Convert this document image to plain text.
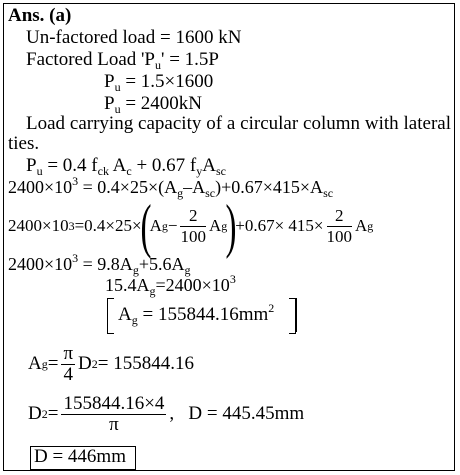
Ans. (a)
Un-factored load = 1600 kN
Factored Load '$P_u' = 1.5P$
$P_u = 1.5\times 1600$
$P_u = 2400kN$
Load carrying capacity of a circular column with lateral ties.
$P_u = 0.4$ $f_{ck}$ $A_c + 0.67$ $f_yA_{sc}$
$2400\times 10^3 = 0.4\times 25\times(A_g-A_{sc})+0.67\times 415\times A_{sc}$
2400×10 3 =0.4×25×
(
A $g - \frac{2}{100}$ A g
)
$+0.67\times 415\times \frac{2}{100}$ A g
$2400\times 10^3 = 9.8A_g+5.6A_g$
$15.4A_g=2400\times 10^3$
$A_g = 155844.16mm^2$
A $g = \frac{\pi}{4}$ D 2 = 155844.16
D $2 = \frac{155844.16\times 4}{\pi}$ ,   D = 445.45mm
D = 446mm
